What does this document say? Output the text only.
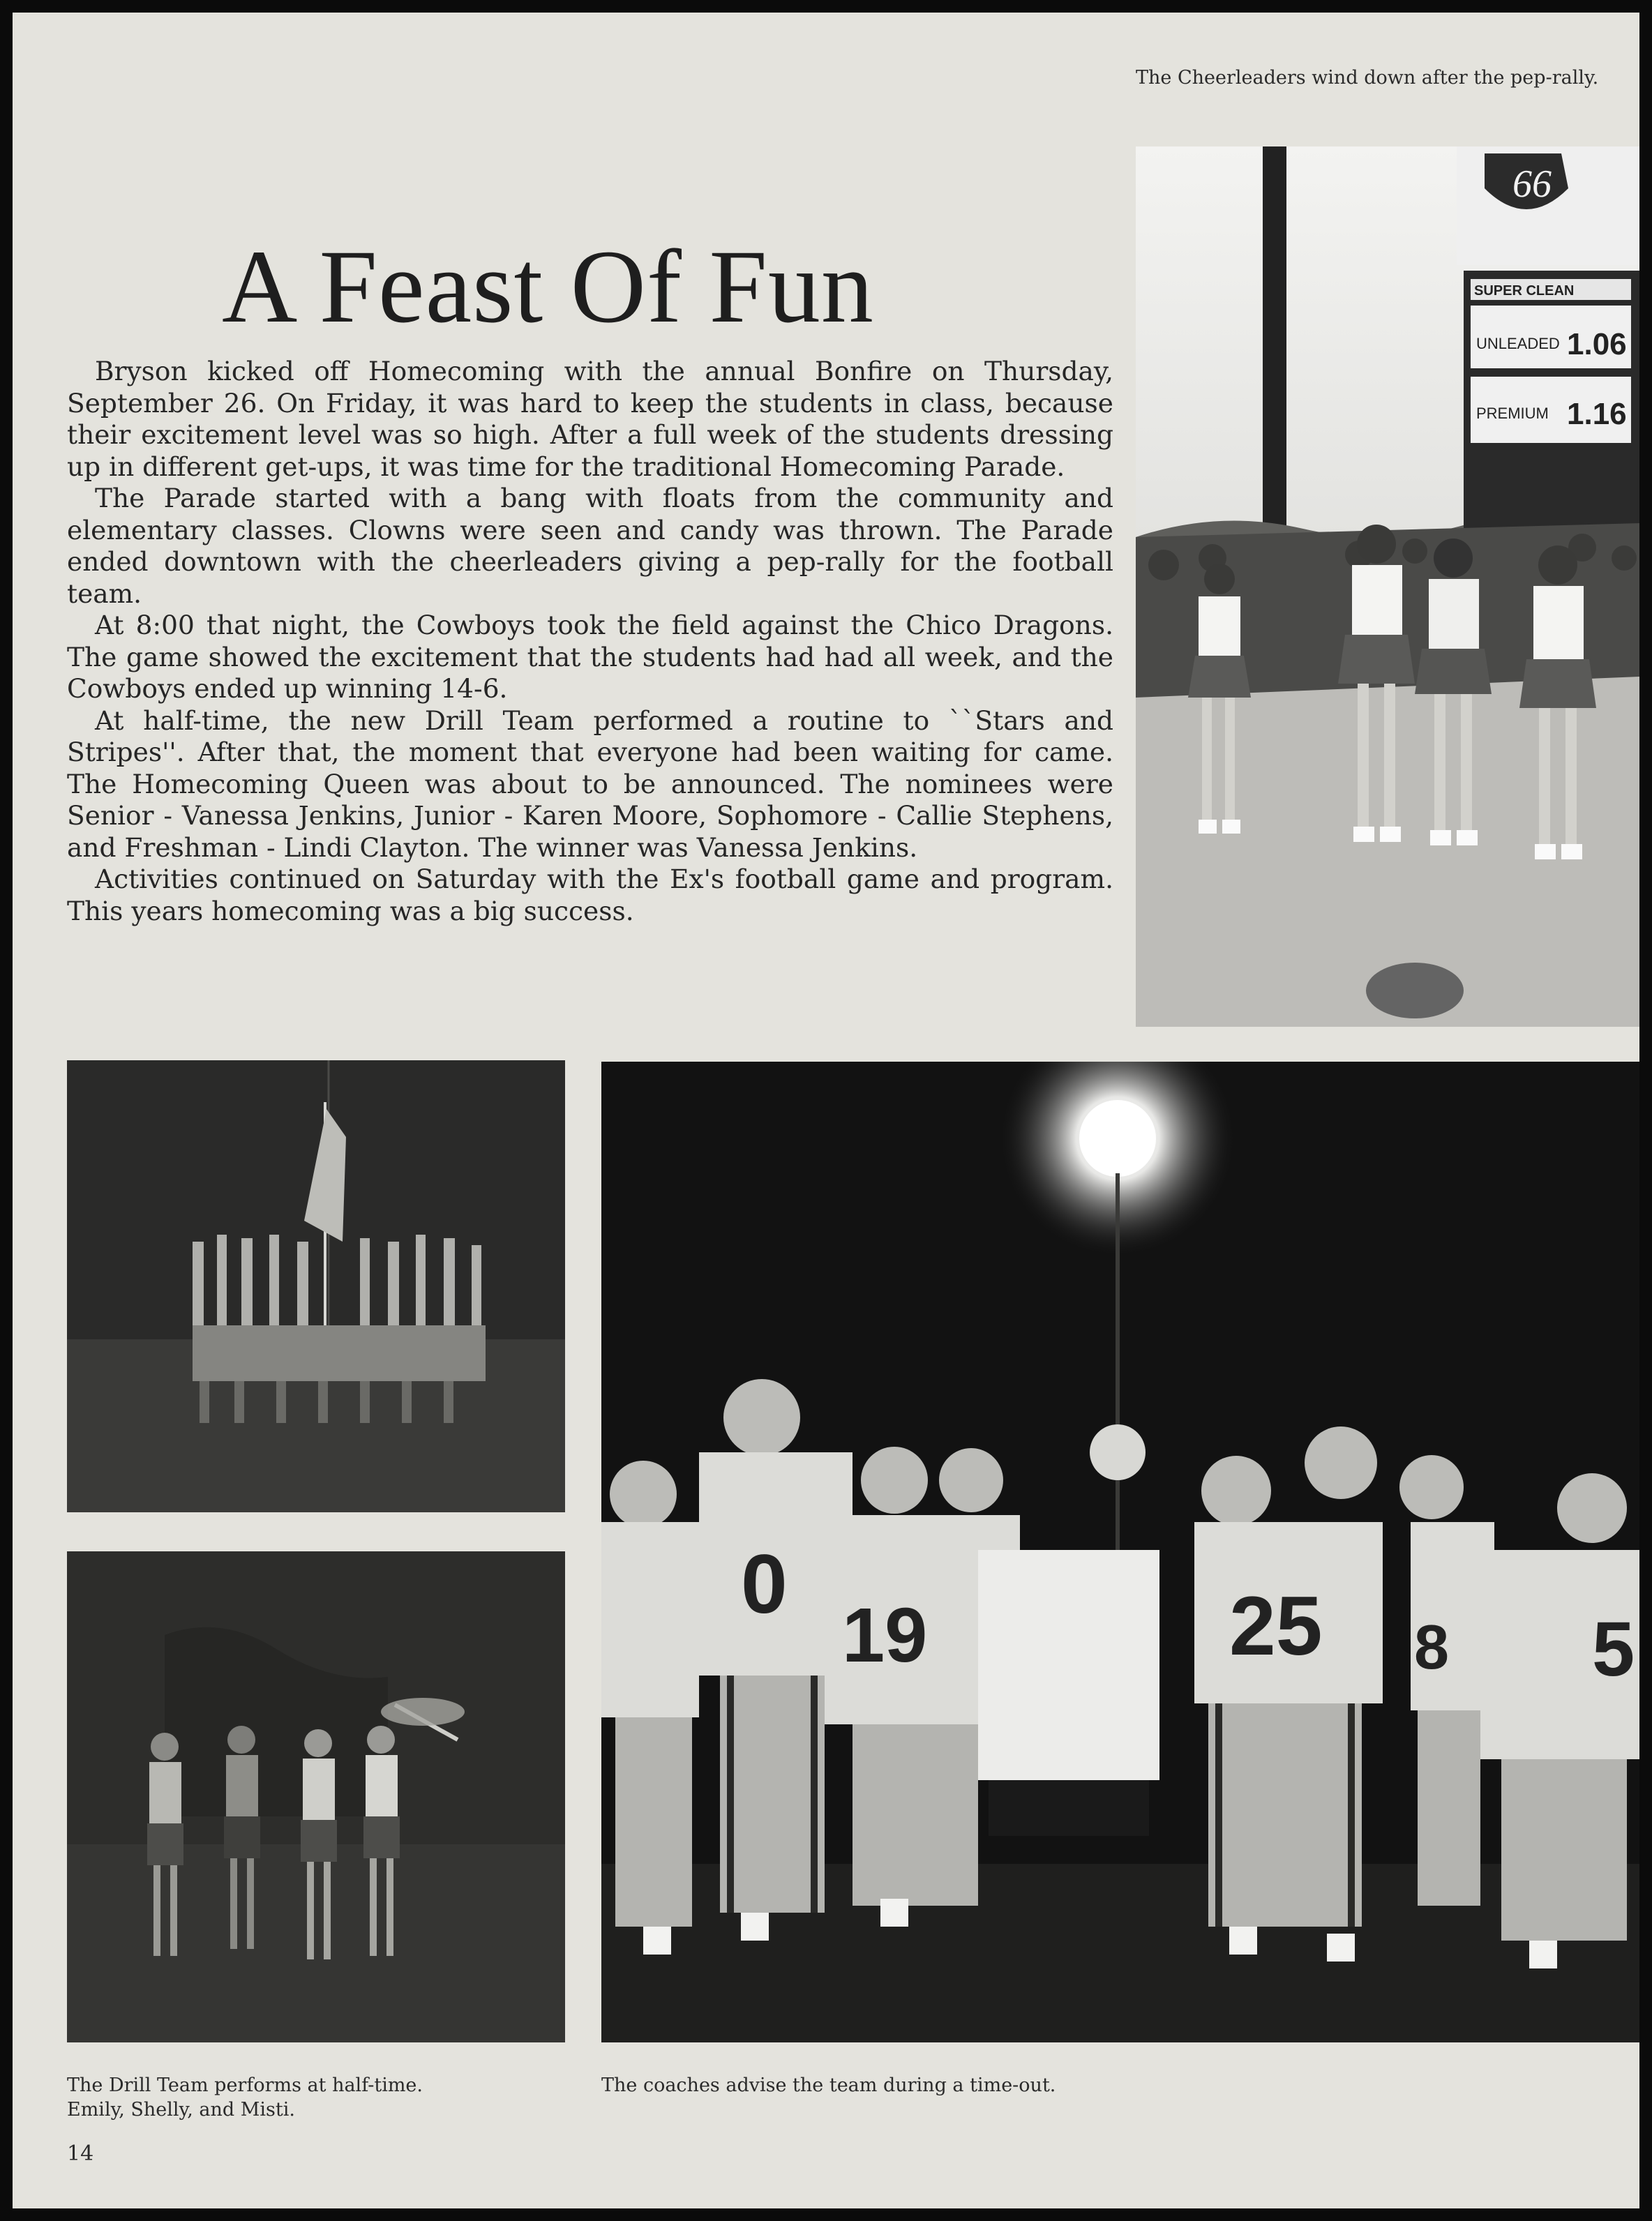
A Feast Of Fun

Bryson kicked off Homecoming with the annual Bonfire on Thursday, September 26. On Friday, it was hard to keep the students in class, because their excitement level was so high. After a full week of the students dressing up in different get-ups, it was time for the traditional Homecoming Parade.

The Parade started with a bang with floats from the community and elementary classes. Clowns were seen and candy was thrown. The Parade ended downtown with the cheerleaders giving a pep-rally for the football team.

At 8:00 that night, the Cowboys took the field against the Chico Dragons. The game showed the excitement that the students had had all week, and the Cowboys ended up winning 14-6.

At half-time, the new Drill Team performed a routine to ``Stars and Stripes''. After that, the moment that everyone had been waiting for came. The Homecoming Queen was about to be announced. The nominees were Senior - Vanessa Jenkins, Junior - Karen Moore, Sophomore - Callie Stephens, and Freshman - Lindi Clayton. The winner was Vanessa Jenkins.

Activities continued on Saturday with the Ex's football game and program. This years homecoming was a big success.

The Cheerleaders wind down after the pep-rally.

66
SUPER CLEAN
UNLEADED 1.06
PREMIUM 1.16
0
19	25 8 5

The Drill Team performs at half-time.
Emily, Shelly, and Misti.

The coaches advise the team during a time-out.

14
